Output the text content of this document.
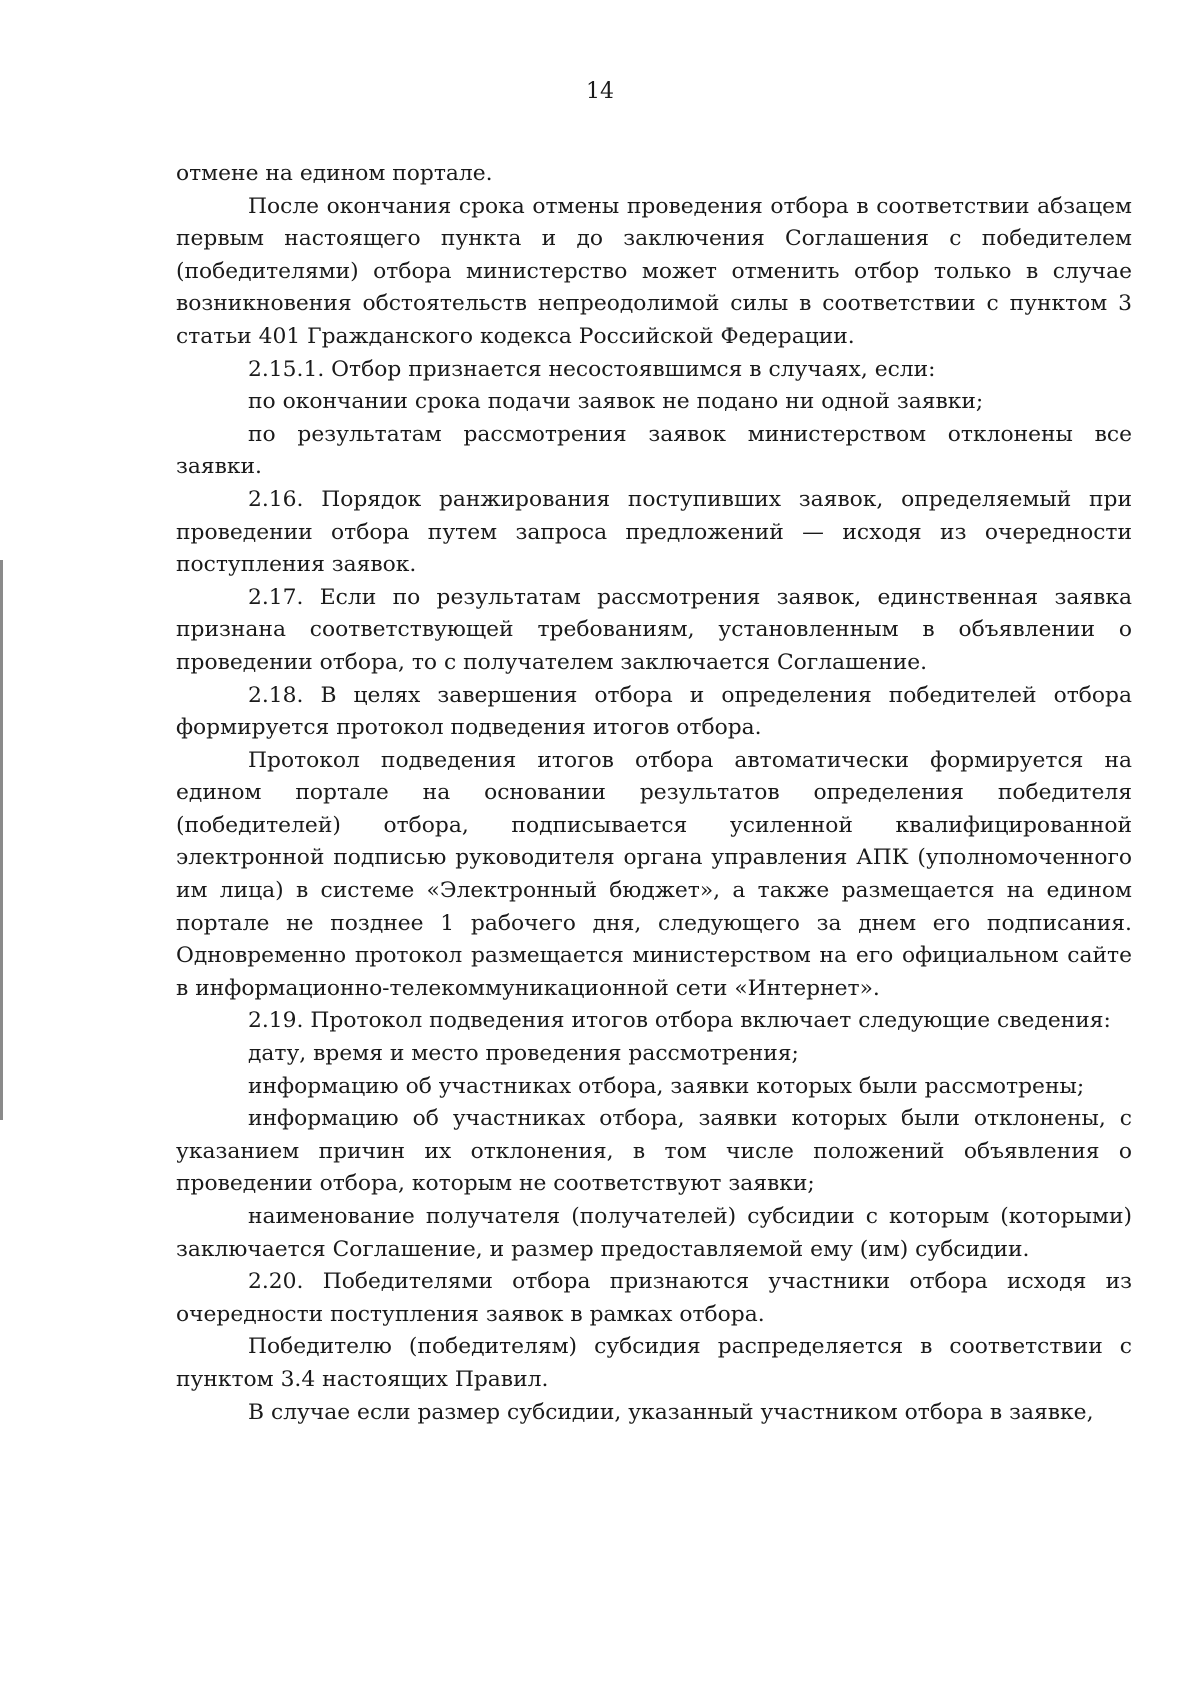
14

отмене на едином портале.

После окончания срока отмены проведения отбора в соответствии абзацем первым настоящего пункта и до заключения Соглашения с победителем (победителями) отбора министерство может отменить отбор только в случае возникновения обстоятельств непреодолимой силы в соответствии с пунктом 3 статьи 401 Гражданского кодекса Российской Федерации.

2.15.1. Отбор признается несостоявшимся в случаях, если:

по окончании срока подачи заявок не подано ни одной заявки;

по результатам рассмотрения заявок министерством отклонены все заявки.

2.16. Порядок ранжирования поступивших заявок, определяемый при проведении отбора путем запроса предложений — исходя из очередности поступления заявок.

2.17. Если по результатам рассмотрения заявок, единственная заявка признана соответствующей требованиям, установленным в объявлении о проведении отбора, то с получателем заключается Соглашение.

2.18. В целях завершения отбора и определения победителей отбора формируется протокол подведения итогов отбора.

Протокол подведения итогов отбора автоматически формируется на едином портале на основании результатов определения победителя (победителей) отбора, подписывается усиленной квалифицированной электронной подписью руководителя органа управления АПК (уполномоченного им лица) в системе «Электронный бюджет», а также размещается на едином портале не позднее 1 рабочего дня, следующего за днем его подписания. Одновременно протокол размещается министерством на его официальном сайте в информационно-телекоммуникационной сети «Интернет».

2.19. Протокол подведения итогов отбора включает следующие сведения:

дату, время и место проведения рассмотрения;

информацию об участниках отбора, заявки которых были рассмотрены;

информацию об участниках отбора, заявки которых были отклонены, с указанием причин их отклонения, в том числе положений объявления о проведении отбора, которым не соответствуют заявки;

наименование получателя (получателей) субсидии с которым (которыми) заключается Соглашение, и размер предоставляемой ему (им) субсидии.

2.20. Победителями отбора признаются участники отбора исходя из очередности поступления заявок в рамках отбора.

Победителю (победителям) субсидия распределяется в соответствии с пунктом 3.4 настоящих Правил.

В случае если размер субсидии, указанный участником отбора в заявке,
